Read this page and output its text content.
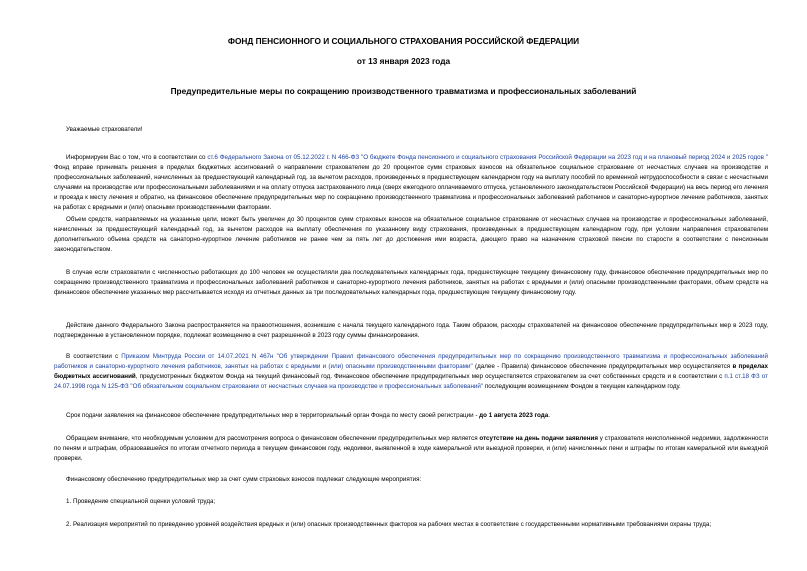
ФОНД ПЕНСИОННОГО И СОЦИАЛЬНОГО СТРАХОВАНИЯ РОССИЙСКОЙ ФЕДЕРАЦИИ
от 13 января 2023 года
Предупредительные меры по сокращению производственного травматизма и профессиональных заболеваний
Уважаемые страхователи!
Информируем Вас о том, что в соответствии со ст.6 Федерального Закона от 05.12.2022 г. N 466-ФЗ "О бюджете Фонда пенсионного и социального страхования Российской Федерации на 2023 год и на плановый период 2024 и 2025 годов " Фонд вправе принимать решения в пределах бюджетных ассигнований о направлении страхователем до 20 процентов сумм страховых взносов на обязательное социальное страхование от несчастных случаев на производстве и профессиональных заболеваний, начисленных за предшествующий календарный год, за вычетом расходов, произведенных в предшествующем календарном году на выплату пособий по временной нетрудоспособности в связи с несчастными случаями на производстве или профессиональными заболеваниями и на оплату отпуска застрахованного лица (сверх ежегодного оплачиваемого отпуска, установленного законодательством Российской Федерации) на весь период его лечения и проезда к месту лечения и обратно, на финансовое обеспечение предупредительных мер по сокращению производственного травматизма и профессиональных заболеваний работников и санаторно-курортное лечение работников, занятых на работах с вредными и (или) опасными производственными факторами.
Объем средств, направляемых на указанные цели, может быть увеличен до 30 процентов сумм страховых взносов на обязательное социальное страхование от несчастных случаев на производстве и профессиональных заболеваний, начисленных за предшествующий календарный год, за вычетом расходов на выплату обеспечения по указанному виду страхования, произведенных в предшествующем календарном году, при условии направления страхователем дополнительного объема средств на санаторно-курортное лечение работников не ранее чем за пять лет до достижения ими возраста, дающего право на назначение страховой пенсии по старости в соответствии с пенсионным законодательством.
В случае если страхователи с численностью работающих до 100 человек не осуществляли два последовательных календарных года, предшествующие текущему финансовому году, финансовое обеспечение предупредительных мер по сокращению производственного травматизма и профессиональных заболеваний работников и санаторно-курортного лечения работников, занятых на работах с вредными и (или) опасными производственными факторами, объем средств на финансовое обеспечение указанных мер рассчитывается исходя из отчетных данных за три последовательных календарных года, предшествующие текущему финансовому году.
Действие данного Федерального Закона распространяется на правоотношения, возникшие с начала текущего календарного года. Таким образом, расходы страхователей на финансовое обеспечение предупредительных мер в 2023 году, подтвержденные в установленном порядке, подлежат возмещению в счет разрешенной в 2023 году суммы финансирования.
В соответствии с Приказом Минтруда России от 14.07.2021 N 467н "Об утверждении Правил финансового обеспечения предупредительных мер по сокращению производственного травматизма и профессиональных заболеваний работников и санаторно-курортного лечения работников, занятых на работах с вредными и (или) опасными производственными факторами" (далее - Правила) финансовое обеспечение предупредительных мер осуществляется в пределах бюджетных ассигнований, предусмотренных бюджетом Фонда на текущий финансовый год. Финансовое обеспечение предупредительных мер осуществляется страхователем за счет собственных средств и в соответствии с п.1 ст.18 ФЗ от 24.07.1998 года N 125-ФЗ "Об обязательном социальном страховании от несчастных случаев на производстве и профессиональных заболеваний" последующим возмещением Фондом в текущем календарном году.
Срок подачи заявления на финансовое обеспечение предупредительных мер в территориальный орган Фонда по месту своей регистрации - до 1 августа 2023 года.
Обращаем внимание, что необходимым условием для рассмотрения вопроса о финансовом обеспечении предупредительных мер является отсутствие на день подачи заявления у страхователя неисполненной недоимки, задолженности по пеням и штрафам, образовавшейся по итогам отчетного периода в текущем финансовом году, недоимки, выявленной в ходе камеральной или выездной проверки, и (или) начисленных пени и штрафы по итогам камеральной или выездной проверки.
Финансовому обеспечению предупредительных мер за счет сумм страховых взносов подлежат следующие мероприятия:
1. Проведение специальной оценки условий труда;
2. Реализация мероприятий по приведению уровней воздействия вредных и (или) опасных производственных факторов на рабочих местах в соответствие с государственными нормативными требованиями охраны труда;
